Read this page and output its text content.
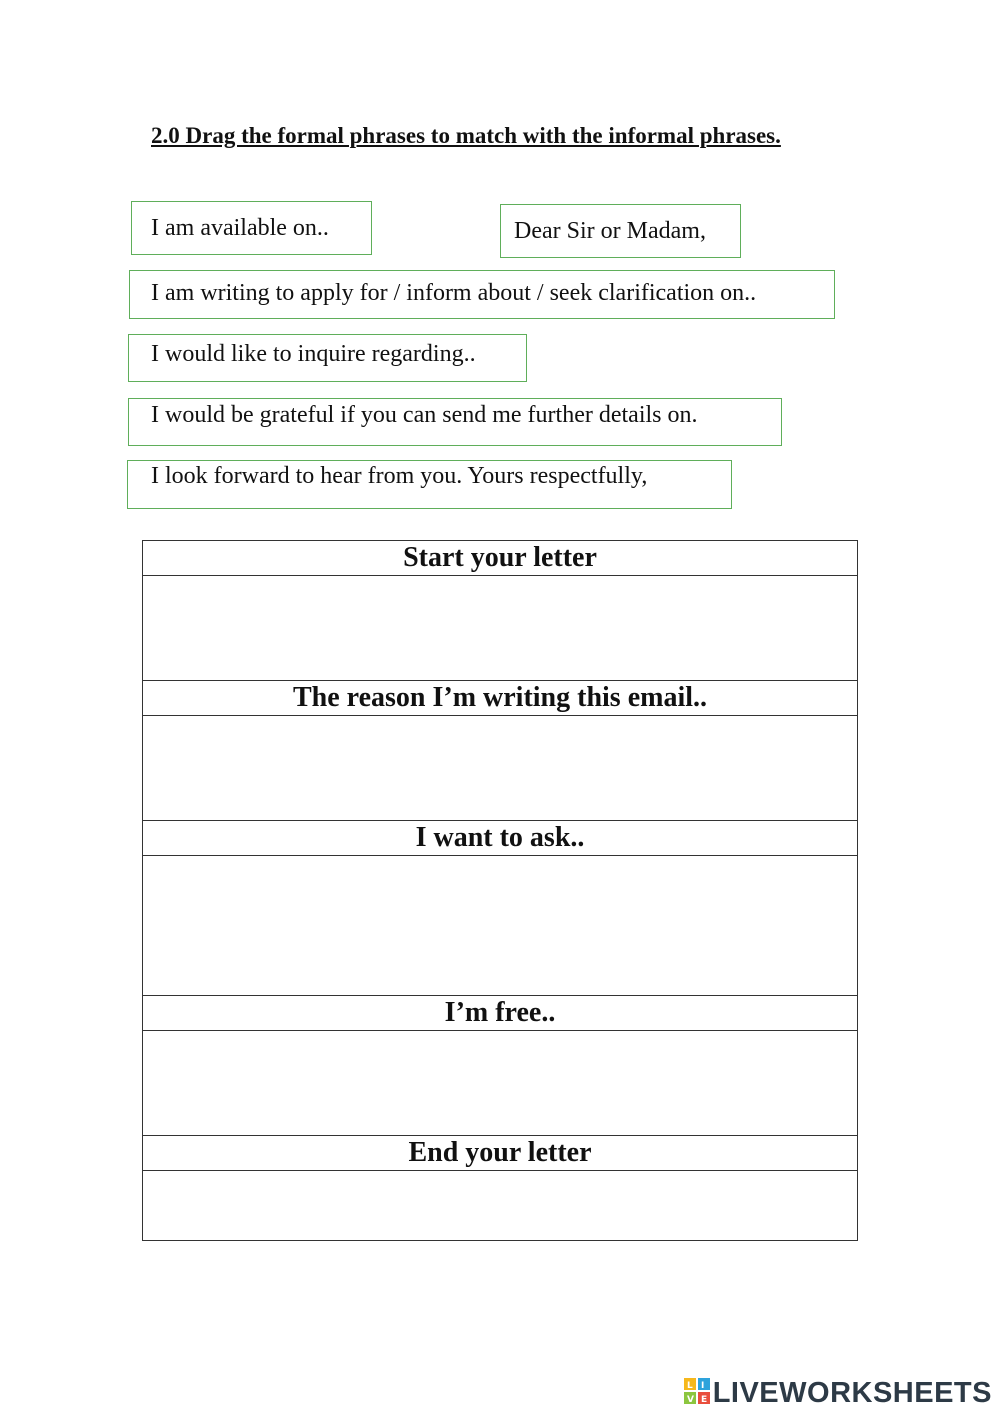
2.0 Drag the formal phrases to match with the informal phrases.
I am available on..	Dear Sir or Madam,
I am writing to apply for / inform about / seek clarification on..
I would like to inquire regarding..
I would be grateful if you can send me further details on.
I look forward to hear from you. Yours respectfully,
Start your letter

The reason I’m writing this email..

I want to ask..

I’m free..

End your letter

L I
V E LIVEWORKSHEETS
